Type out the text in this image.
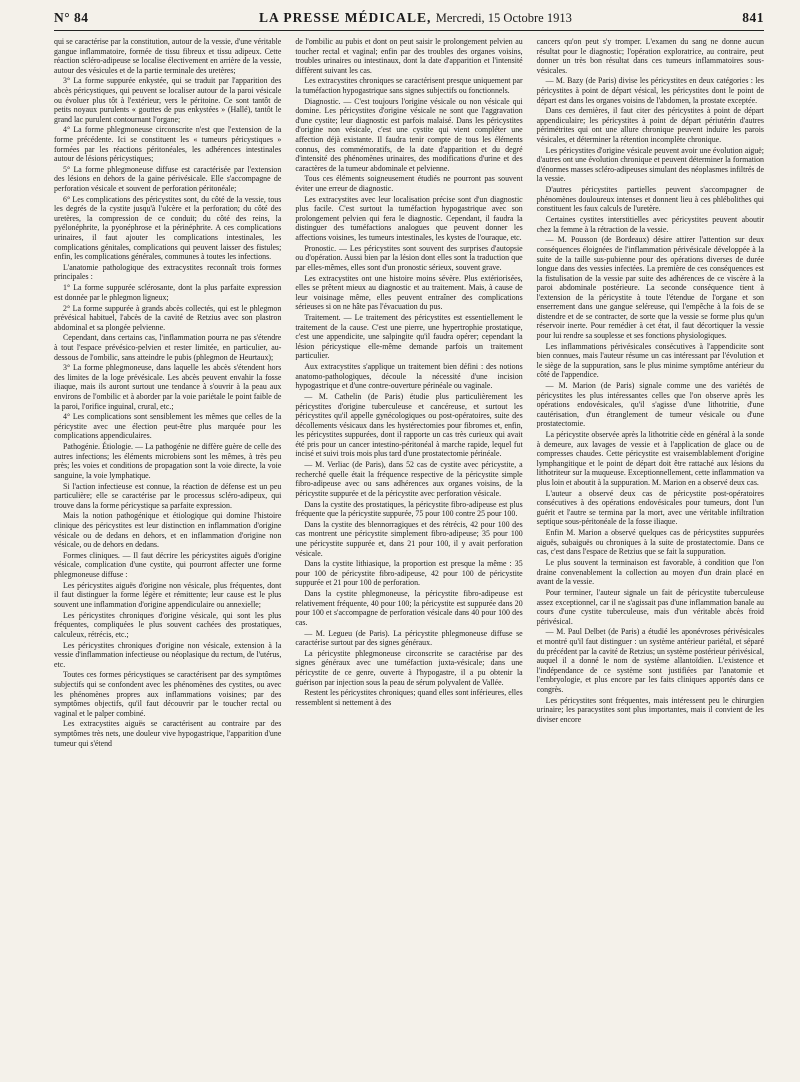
N° 84	LA PRESSE MÉDICALE, Mercredi, 15 Octobre 1913	841

qui se caractérise par la constitution, autour de la vessie, d'une véritable gangue inflammatoire, formée de tissu fibreux et tissu adipeux. Cette réaction scléro-adipeuse se localise électivement en arrière de la vessie, autour des vésicules et de la partie terminale des uretères;

3° La forme suppurée enkystée, qui se traduit par l'apparition des abcès péricystiques, qui peuvent se localiser autour de la paroi vésicale ou évoluer plus tôt à l'extérieur, vers le péritoine. Ce sont tantôt de petits noyaux purulents « gouttes de pus enkystées » (Hallé), tantôt le grand lac purulent contournant l'organe;

4° La forme phlegmoneuse circonscrite n'est que l'extension de la forme précédente. Ici se constituent les « tumeurs péricystiques » formées par les réactions péritonéales, les adhérences intestinales autour de lésions péricystiques;

5° La forme phlegmoneuse diffuse est caractérisée par l'extension des lésions en dehors de la gaine périvésicale. Elle s'accompagne de perforation vésicale et souvent de perforation péritonéale;

6° Les complications des péricystites sont, du côté de la vessie, tous les degrés de la cystite jusqu'à l'ulcère et la perforation; du côté des uretères, la compression de ce conduit; du côté des reins, la pyélonéphrite, la pyonéphrose et la périnéphrite. A ces complications urinaires, il faut ajouter les complications intestinales, les complications génitales, complications qui peuvent laisser des fistules; enfin, les complications générales, communes à toutes les infections.

L'anatomie pathologique des extracystites reconnaît trois formes principales :

1° La forme suppurée sclérosante, dont la plus parfaite expression est donnée par le phlegmon ligneux;

2° La forme suppurée à grands abcès collectés, qui est le phlegmon prévésical habituel, l'abcès de la cavité de Retzius avec son plastron abdominal et sa plongée pelvienne.

Cependant, dans certains cas, l'inflammation pourra ne pas s'étendre à tout l'espace prévésico-pelvien et rester limitée, en particulier, au-dessous de l'ombilic, sans atteindre le pubis (phlegmon de Heurtaux);

3° La forme phlegmoneuse, dans laquelle les abcès s'étendent hors des limites de la loge prévésicale. Les abcès peuvent envahir la fosse iliaque, mais ils auront surtout une tendance à s'ouvrir à la peau aux environs de l'ombilic et à aborder par la voie pariétale le point faible de la paroi, l'orifice inguinal, crural, etc.;

4° Les complications sont sensiblement les mêmes que celles de la péricystite avec une élection peut-être plus marquée pour les complications appendiculaires.

Pathogénie. Étiologie. — La pathogénie ne diffère guère de celle des autres infections; les éléments microbiens sont les mêmes, à très peu près; les voies et conditions de propagation sont la voie directe, la voie sanguine, la voie lymphatique.

Si l'action infectieuse est connue, la réaction de défense est un peu particulière; elle se caractérise par le processus scléro-adipeux, qui trouve dans la forme péricystique sa parfaite expression.

Mais la notion pathogénique et étiologique qui domine l'histoire clinique des péricystites est leur distinction en inflammation d'origine vésicale ou de dedans en dehors, et en inflammation d'origine non vésicale, ou de dehors en dedans.

Formes cliniques. — Il faut décrire les péricystites aiguës d'origine vésicale, complication d'une cystite, qui pourront affecter une forme phlegmoneuse diffuse :

Les péricystites aiguës d'origine non vésicale, plus fréquentes, dont il faut distinguer la forme légère et rémittente; leur cause est le plus souvent une inflammation d'origine appendiculaire ou annexielle;

Les péricystites chroniques d'origine vésicale, qui sont les plus fréquentes, compliquées le plus souvent cachées des prostatiques, calculeux, rétrécis, etc.;

Les péricystites chroniques d'origine non vésicale, extension à la vessie d'inflammation infectieuse ou néoplasique du rectum, de l'utérus, etc.

Toutes ces formes péricystiques se caractérisent par des symptômes subjectifs qui se confondent avec les phénomènes des cystites, ou avec les phénomènes propres aux inflammations voisines; par des symptômes objectifs, qu'il faut découvrir par le toucher rectal ou vaginal et le palper combiné.

Les extracystites aiguës se caractérisent au contraire par des symptômes très nets, une douleur vive hypogastrique, l'apparition d'une tumeur qui s'étend

de l'ombilic au pubis et dont on peut saisir le prolongement pelvien au toucher rectal et vaginal; enfin par des troubles des organes voisins, troubles urinaires ou intestinaux, dont la date d'apparition et l'intensité diffèrent suivant les cas.

Les extracystites chroniques se caractérisent presque uniquement par la tuméfaction hypogastrique sans signes subjectifs ou fonctionnels.

Diagnostic. — C'est toujours l'origine vésicale ou non vésicale qui domine. Les péricystites d'origine vésicale ne sont que l'aggravation d'une cystite; leur diagnostic est parfois malaisé. Dans les péricystites d'origine non vésicale, c'est une cystite qui vient compléter une affection déjà existante. Il faudra tenir compte de tous les éléments connus, des commémoratifs, de la date d'apparition et du degré d'intensité des phénomènes urinaires, des modifications d'urine et des caractères de la tumeur abdominale et pelvienne.

Tous ces éléments soigneusement étudiés ne pourront pas souvent éviter une erreur de diagnostic.

Les extracystites avec leur localisation précise sont d'un diagnostic plus facile. C'est surtout la tuméfaction hypogastrique avec son prolongement pelvien qui fera le diagnostic. Cependant, il faudra la distinguer des tuméfactions analogues que peuvent donner les affections voisines, les tumeurs intestinales, les kystes de l'ouraque, etc.

Pronostic. — Les péricystites sont souvent des surprises d'autopsie ou d'opération. Aussi bien par la lésion dont elles sont la traduction que par elles-mêmes, elles sont d'un pronostic sérieux, souvent grave.

Les extracystites ont une histoire moins sévère. Plus extériorisées, elles se prêtent mieux au diagnostic et au traitement. Mais, à cause de leur voisinage même, elles peuvent entraîner des complications sérieuses si on ne hâte pas l'évacuation du pus.

Traitement. — Le traitement des péricystites est essentiellement le traitement de la cause. C'est une pierre, une hypertrophie prostatique, c'est une appendicite, une salpingite qu'il faudra opérer; cependant la lésion péricystique elle-même demande parfois un traitement particulier.

Aux extracystites s'applique un traitement bien défini : des notions anatomo-pathologiques, découle la nécessité d'une incision hypogastrique et d'une contre-ouverture périnéale ou vaginale.

— M. Cathelin (de Paris) étudie plus particulièrement les péricystites d'origine tuberculeuse et cancéreuse, et surtout les péricystites qu'il appelle gynécologiques ou post-opératoires, suite des décollements vésicaux dans les hystérectomies pour fibromes et, enfin, les péricystites suppurées, dont il rapporte un cas très curieux qui avait été pris pour un cancer intestino-péritonéal à marche rapide, lequel fut incisé et suivi trois mois plus tard d'une prostatectomie périnéale.

— M. Verliac (de Paris), dans 52 cas de cystite avec péricystite, a recherché quelle était la fréquence respective de la péricystite simple fibro-adipeuse avec ou sans adhérences aux organes voisins, de la péricystite suppurée et de la péricystite avec perforation vésicale.

Dans la cystite des prostatiques, la péricystite fibro-adipeuse est plus fréquente que la péricystite suppurée, 75 pour 100 contre 25 pour 100.

Dans la cystite des blennorragiques et des rétrécis, 42 pour 100 des cas montrent une péricystite simplement fibro-adipeuse; 35 pour 100 une péricystite suppurée et, dans 21 pour 100, il y avait perforation vésicale.

Dans la cystite lithiasique, la proportion est presque la même : 35 pour 100 de péricystite fibro-adipeuse, 42 pour 100 de péricystite suppurée et 21 pour 100 de perforation.

Dans la cystite phlegmoneuse, la péricystite fibro-adipeuse est relativement fréquente, 40 pour 100; la péricystite est suppurée dans 20 pour 100 et s'accompagne de perforation vésicale dans 40 pour 100 des cas.

— M. Legueu (de Paris). La péricystite phlegmoneuse diffuse se caractérise surtout par des signes généraux.

La péricystite phlegmoneuse circonscrite se caractérise par des signes généraux avec une tuméfaction juxta-vésicale; dans une péricystite de ce genre, ouverte à l'hypogastre, il a pu obtenir la guérison par injection sous la peau de sérum polyvalent de Vallée.

Restent les péricystites chroniques; quand elles sont inférieures, elles ressemblent si nettement à des

cancers qu'on peut s'y tromper. L'examen du sang ne donne aucun résultat pour le diagnostic; l'opération exploratrice, au contraire, peut donner un très bon résultat dans ces tumeurs inflammatoires sous-vésicales.

— M. Bazy (de Paris) divise les péricystites en deux catégories : les péricystites à point de départ vésical, les péricystites dont le point de départ est dans les organes voisins de l'abdomen, la prostate exceptée.

Dans ces dernières, il faut citer des péricystites à point de départ appendiculaire; les péricystites à point de départ périutérin d'autres périmétrites qui ont une allure chronique peuvent induire les parois vésicales, et déterminer la rétention incomplète chronique.

Les péricystites d'origine vésicale peuvent avoir une évolution aiguë; d'autres ont une évolution chronique et peuvent déterminer la formation d'énormes masses scléro-adipeuses simulant des néoplasmes infiltrés de la vessie.

D'autres péricystites partielles peuvent s'accompagner de phénomènes douloureux intenses et donnent lieu à ces phlébolithes qui constituent les faux calculs de l'uretère.

Certaines cystites interstitielles avec péricystites peuvent aboutir chez la femme à la rétraction de la vessie.

— M. Pousson (de Bordeaux) désire attirer l'attention sur deux conséquences éloignées de l'inflammation périvésicale développée à la suite de la taille sus-pubienne pour des opérations diverses de durée longue dans des vessies infectées. La première de ces conséquences est la fistulisation de la vessie par suite des adhérences de ce viscère à la paroi abdominale postérieure. La seconde conséquence tient à l'extension de la péricystite à toute l'étendue de l'organe et son enserrement dans une gangue seléreuse, qui l'empêche à la fois de se distendre et de se contracter, de sorte que la vessie se forme plus qu'un réservoir inerte. Pour remédier à cet état, il faut décortiquer la vessie pour lui rendre sa souplesse et ses fonctions physiologiques.

Les inflammations périvésicales consécutives à l'appendicite sont bien connues, mais l'auteur résume un cas intéressant par l'évolution et le siège de la suppuration, sans le plus minime symptôme antérieur du côté de l'appendice.

— M. Marion (de Paris) signale comme une des variétés de péricystites les plus intéressantes celles que l'on observe après les opérations endovésicales, qu'il s'agisse d'une lithotritie, d'une cautérisation, d'un étranglement de tumeur vésicale ou d'une prostatectomie.

La péricystite observée après la lithotritie cède en général à la sonde à demeure, aux lavages de vessie et à l'application de glace ou de compresses chaudes. Cette péricystite est vraisemblablement d'origine lymphangitique et le point de départ doit être rattaché aux lésions du lithotriteur sur la muqueuse. Exceptionnellement, cette inflammation va plus loin et aboutit à la suppuration. M. Marion en a observé deux cas.

L'auteur a observé deux cas de péricystite post-opératoires consécutives à des opérations endovésicales pour tumeurs, dont l'un guérit et l'autre se termina par la mort, avec une véritable infiltration septique sous-péritonéale de la fosse iliaque.

Enfin M. Marion a observé quelques cas de péricystites suppurées aiguës, subaiguës ou chroniques à la suite de prostatectomie. Dans ce cas, c'est dans l'espace de Retzius que se fait la suppuration.

Le plus souvent la terminaison est favorable, à condition que l'on draine convenablement la collection au moyen d'un drain placé en avant de la vessie.

Pour terminer, l'auteur signale un fait de péricystite tuberculeuse assez exceptionnel, car il ne s'agissait pas d'une inflammation banale au cours d'une cystite tuberculeuse, mais d'un véritable abcès froid périvésical.

— M. Paul Delbet (de Paris) a étudié les aponévroses périvésicales et montré qu'il faut distinguer : un système antérieur pariétal, et séparé du précédent par la cavité de Retzius; un système postérieur périvésical, auquel il a donné le nom de système allantoïdien. L'existence et l'indépendance de ce système sont justifiées par l'anatomie et l'embryologie, et plus encore par les faits cliniques apportés dans ce congrès.

Les péricystites sont fréquentes, mais intéressent peu le chirurgien urinaire; les paracystites sont plus importantes, mais il convient de les diviser encore
